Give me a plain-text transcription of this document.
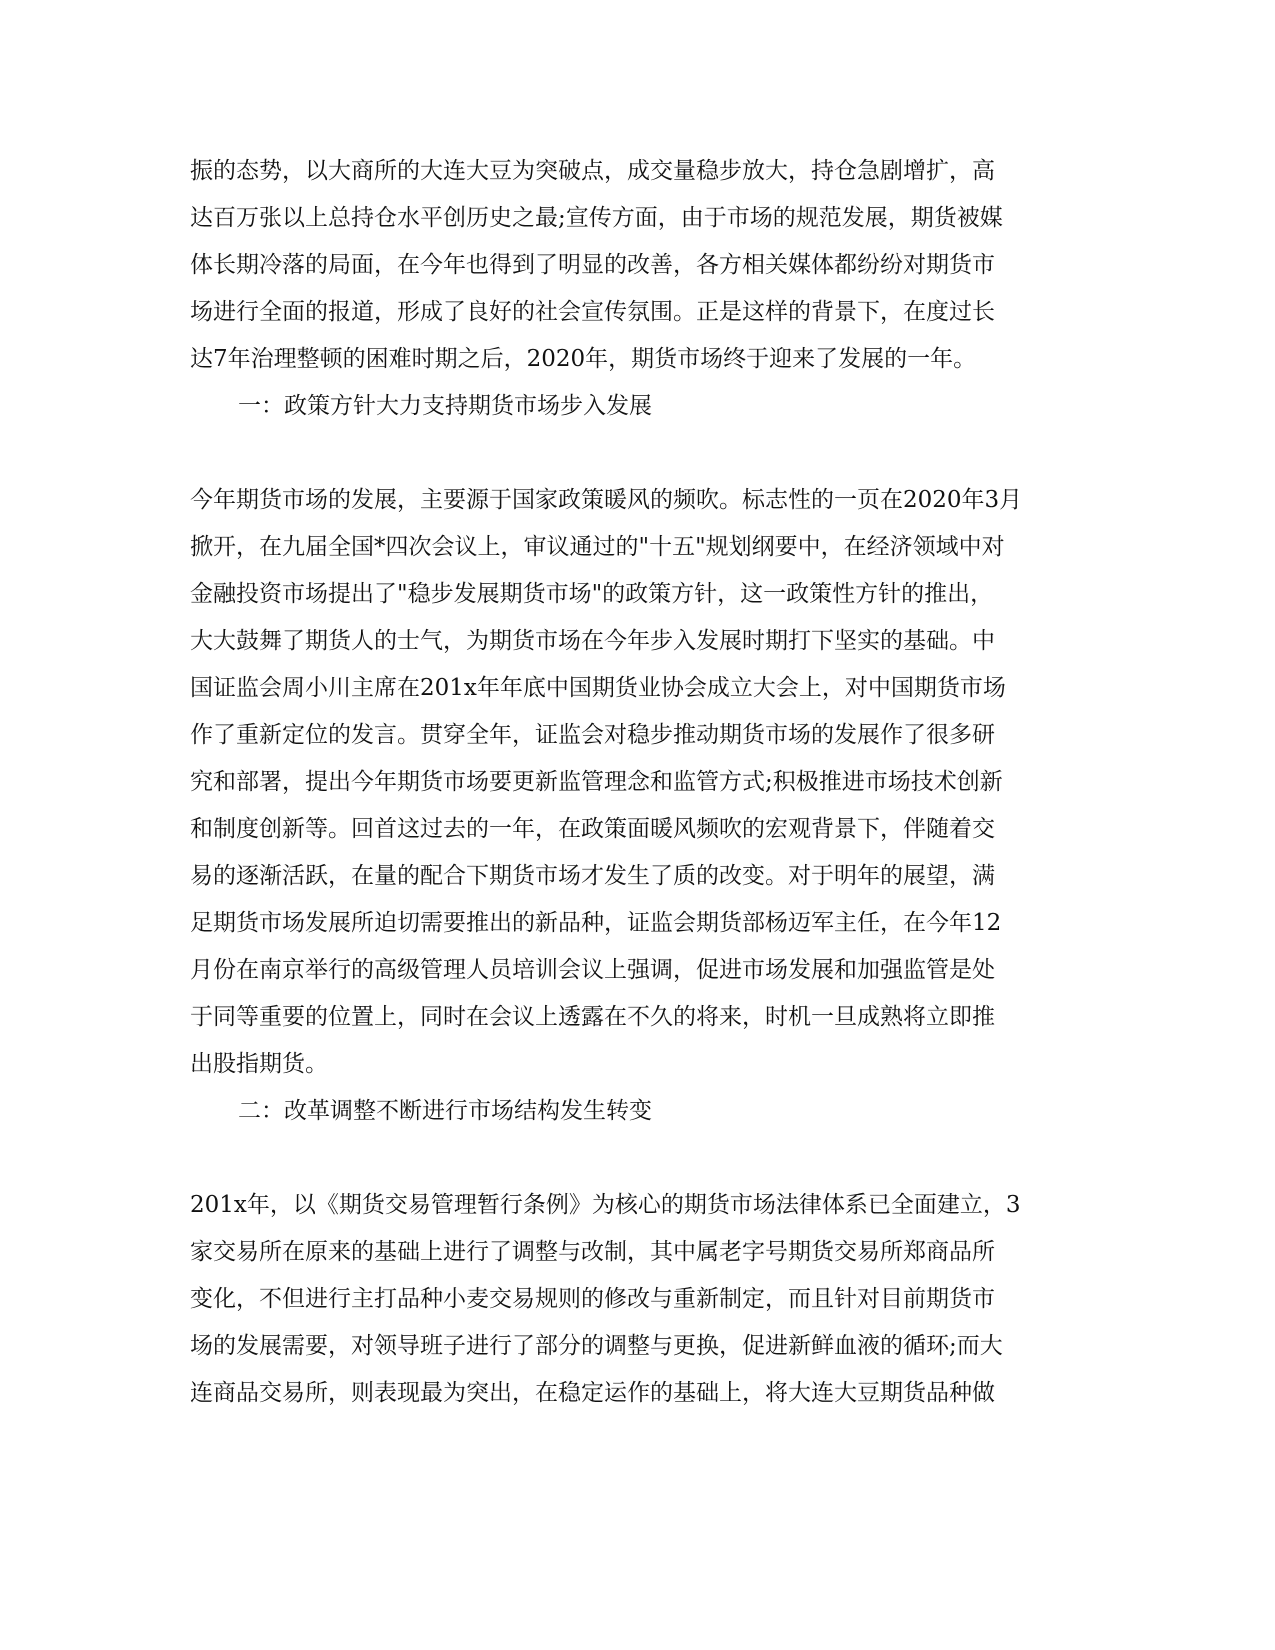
振的态势，以大商所的大连大豆为突破点，成交量稳步放大，持仓急剧增扩，高
达百万张以上总持仓水平创历史之最;宣传方面，由于市场的规范发展，期货被媒
体长期冷落的局面，在今年也得到了明显的改善，各方相关媒体都纷纷对期货市
场进行全面的报道，形成了良好的社会宣传氛围。正是这样的背景下，在度过长
达7年治理整顿的困难时期之后，2020年，期货市场终于迎来了发展的一年。
一：政策方针大力支持期货市场步入发展
今年期货市场的发展，主要源于国家政策暖风的频吹。标志性的一页在2020年3月
掀开，在九届全国*四次会议上，审议通过的"十五"规划纲要中，在经济领域中对
金融投资市场提出了"稳步发展期货市场"的政策方针，这一政策性方针的推出，
大大鼓舞了期货人的士气，为期货市场在今年步入发展时期打下坚实的基础。中
国证监会周小川主席在201x年年底中国期货业协会成立大会上，对中国期货市场
作了重新定位的发言。贯穿全年，证监会对稳步推动期货市场的发展作了很多研
究和部署，提出今年期货市场要更新监管理念和监管方式;积极推进市场技术创新
和制度创新等。回首这过去的一年，在政策面暖风频吹的宏观背景下，伴随着交
易的逐渐活跃，在量的配合下期货市场才发生了质的改变。对于明年的展望，满
足期货市场发展所迫切需要推出的新品种，证监会期货部杨迈军主任，在今年12
月份在南京举行的高级管理人员培训会议上强调，促进市场发展和加强监管是处
于同等重要的位置上，同时在会议上透露在不久的将来，时机一旦成熟将立即推
出股指期货。
二：改革调整不断进行市场结构发生转变
201x年，以《期货交易管理暂行条例》为核心的期货市场法律体系已全面建立，3
家交易所在原来的基础上进行了调整与改制，其中属老字号期货交易所郑商品所
变化，不但进行主打品种小麦交易规则的修改与重新制定，而且针对目前期货市
场的发展需要，对领导班子进行了部分的调整与更换，促进新鲜血液的循环;而大
连商品交易所，则表现最为突出，在稳定运作的基础上，将大连大豆期货品种做
